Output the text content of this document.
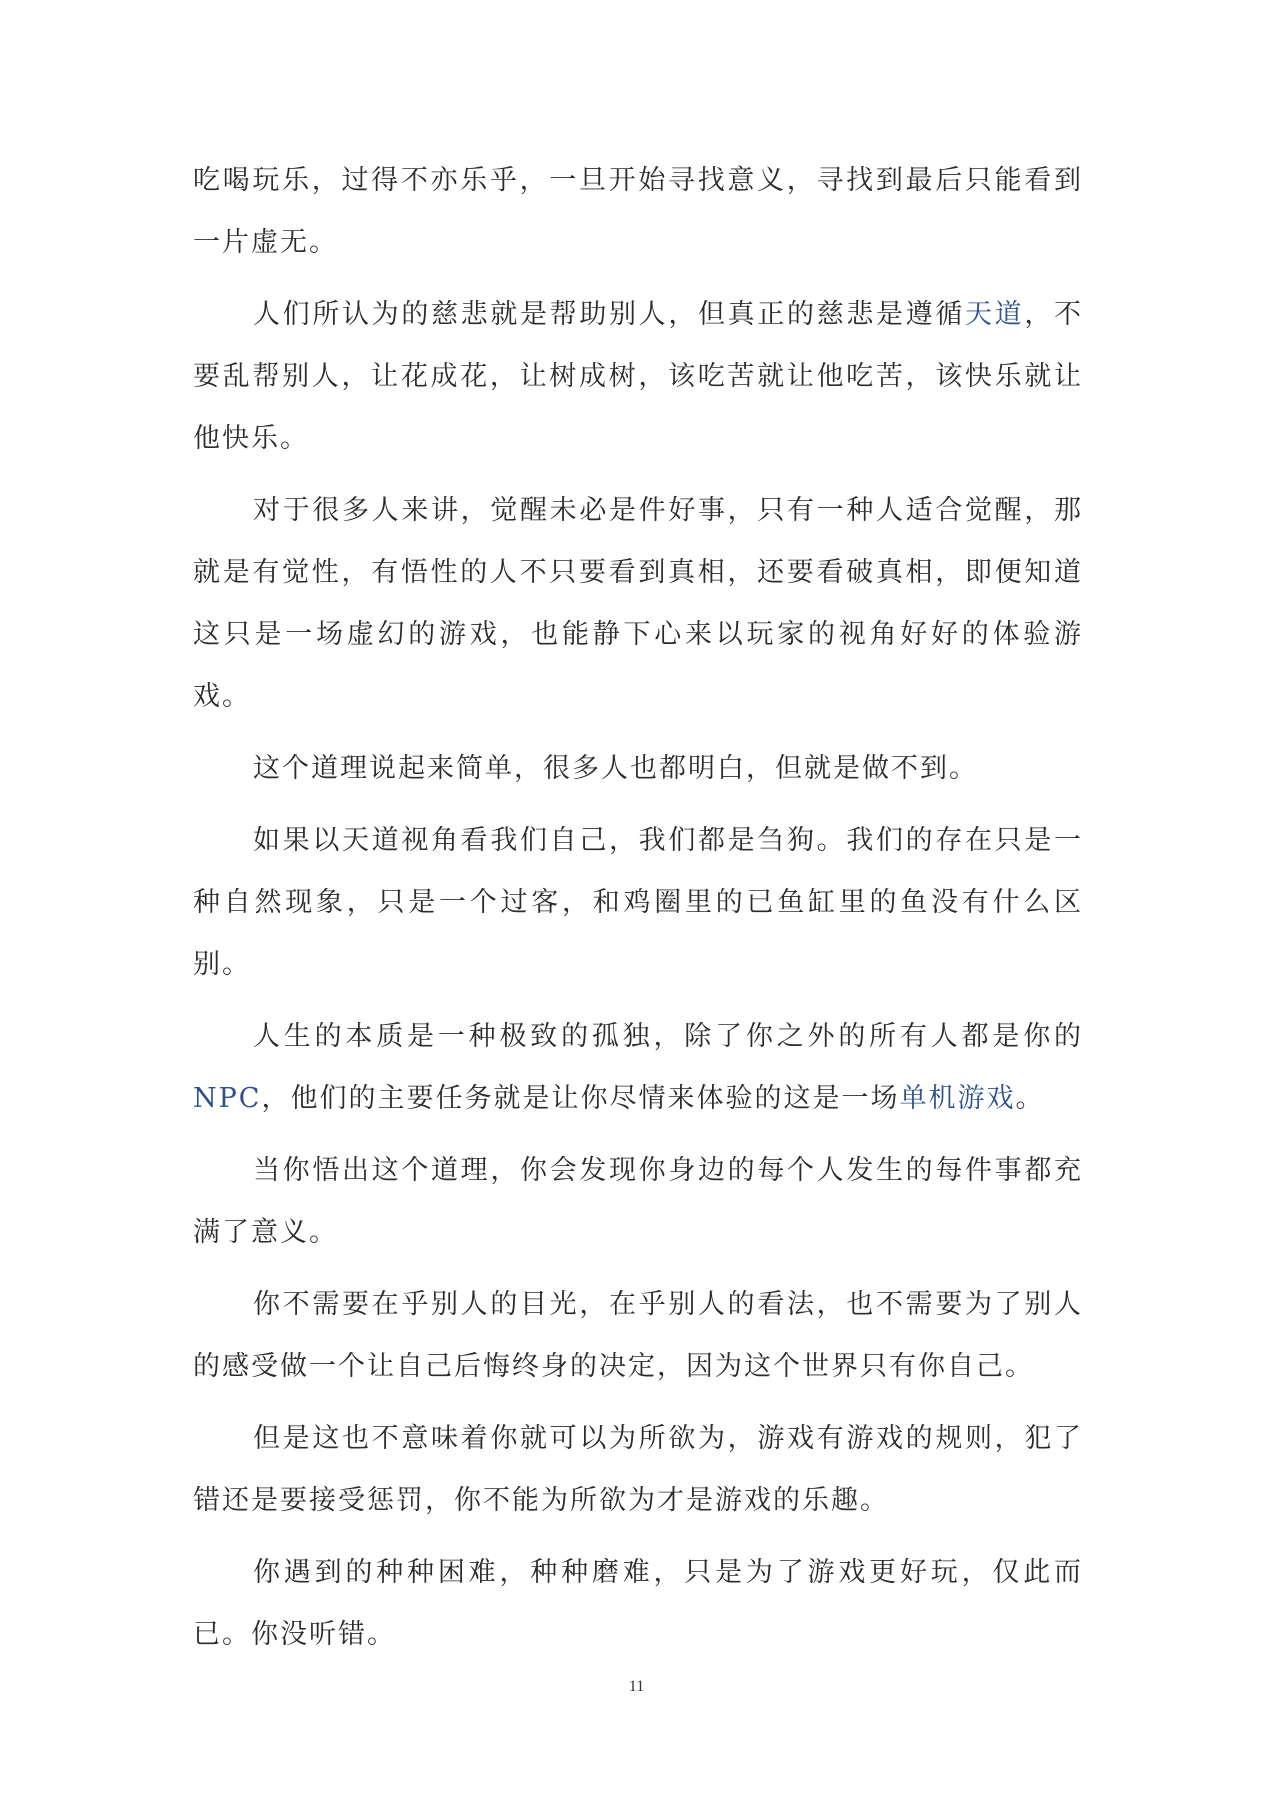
吃喝玩乐，过得不亦乐乎，一旦开始寻找意义，寻找到最后只能看到一片虚无。

人们所认为的慈悲就是帮助别人，但真正的慈悲是遵循天道，不要乱帮别人，让花成花，让树成树，该吃苦就让他吃苦，该快乐就让他快乐。

对于很多人来讲，觉醒未必是件好事，只有一种人适合觉醒，那就是有觉性，有悟性的人不只要看到真相，还要看破真相，即便知道这只是一场虚幻的游戏，也能静下心来以玩家的视角好好的体验游戏。

这个道理说起来简单，很多人也都明白，但就是做不到。

如果以天道视角看我们自己，我们都是刍狗。我们的存在只是一种自然现象，只是一个过客，和鸡圈里的已鱼缸里的鱼没有什么区别。

人生的本质是一种极致的孤独，除了你之外的所有人都是你的NPC，他们的主要任务就是让你尽情来体验的这是一场单机游戏。

当你悟出这个道理，你会发现你身边的每个人发生的每件事都充满了意义。

你不需要在乎别人的目光，在乎别人的看法，也不需要为了别人的感受做一个让自己后悔终身的决定，因为这个世界只有你自己。

但是这也不意味着你就可以为所欲为，游戏有游戏的规则，犯了错还是要接受惩罚，你不能为所欲为才是游戏的乐趣。

你遇到的种种困难，种种磨难，只是为了游戏更好玩，仅此而已。你没听错。

11
